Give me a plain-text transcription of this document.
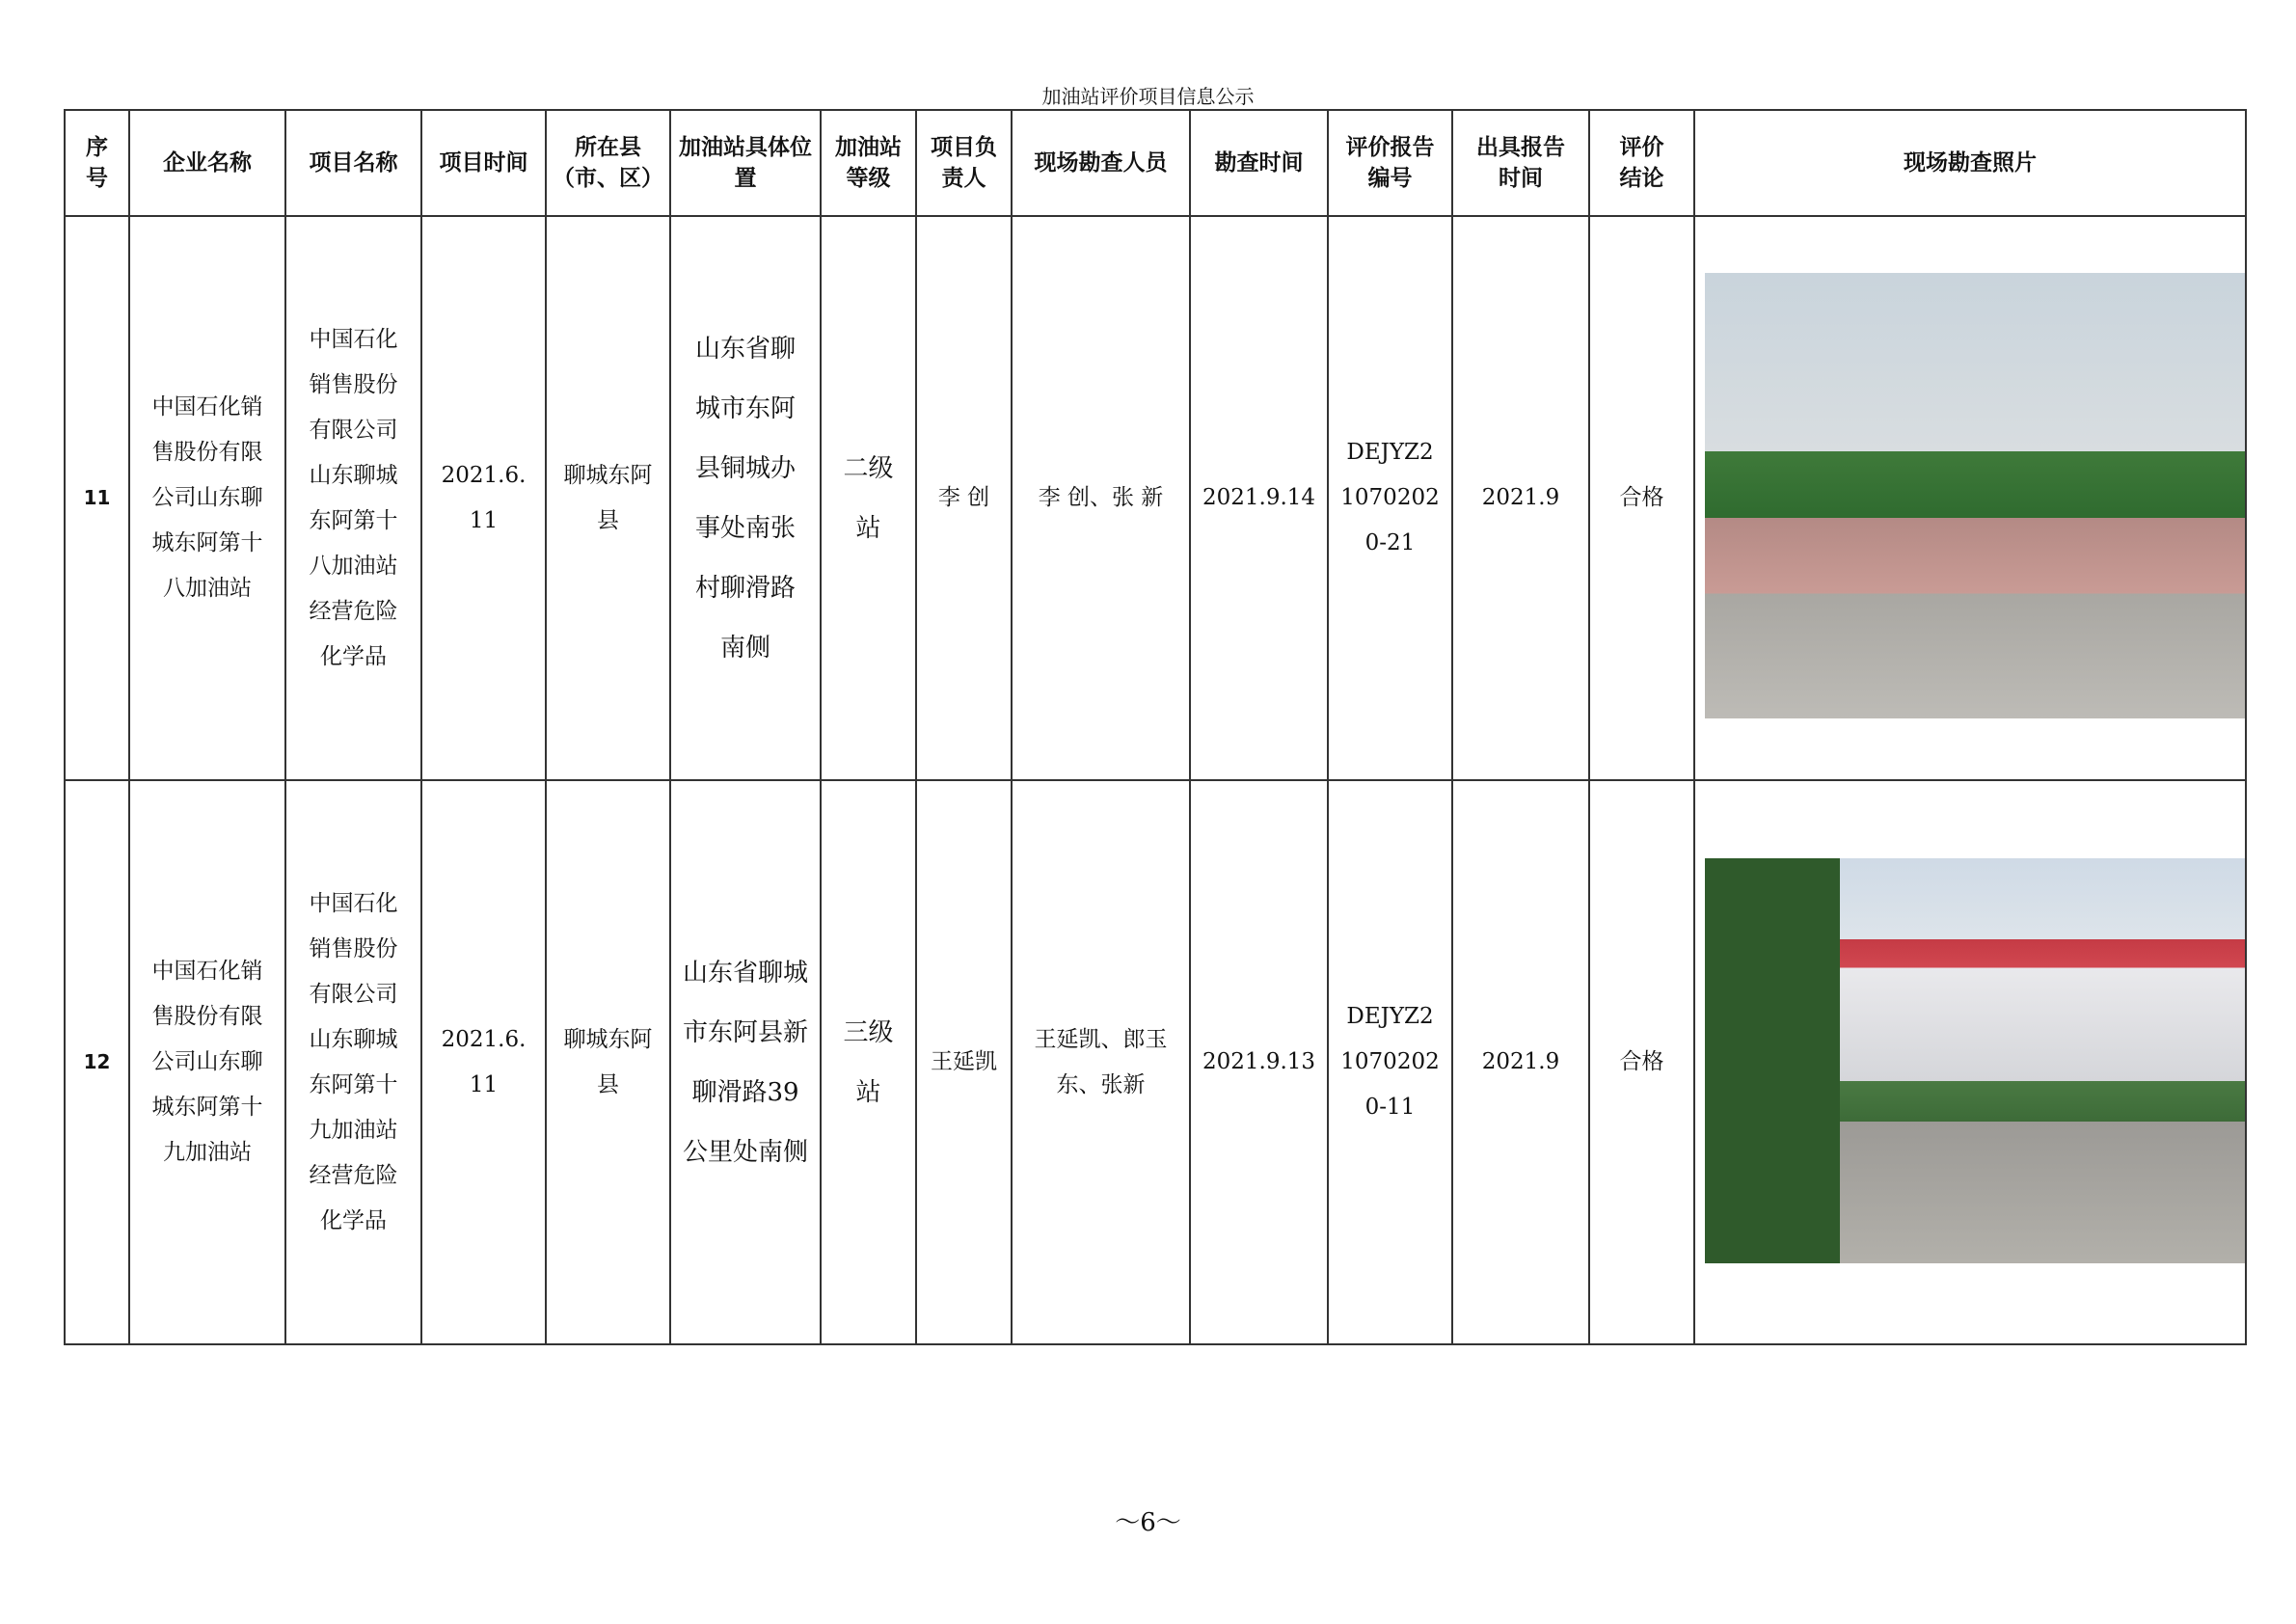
加油站评价项目信息公示
序号	企业名称	项目名称	项目时间	所在县（市、区）	加油站具体位置	加油站等级	项目负责人	现场勘查人员	勘查时间	评价报告编号	出具报告时间	评价结论	现场勘查照片
11	中国石化销售股份有限公司山东聊城东阿第十八加油站	中国石化销售股份有限公司山东聊城东阿第十八加油站经营危险化学品	2021.6.11	聊城东阿县	山东省聊城市东阿县铜城办事处南张村聊滑路南侧	二级站	李 创	李 创、张 新	2021.9.14	DEJYZ210702020-21	2021.9	合格	

12	中国石化销售股份有限公司山东聊城东阿第十九加油站	中国石化销售股份有限公司山东聊城东阿第十九加油站经营危险化学品	2021.6.11	聊城东阿县	山东省聊城市东阿县新聊滑路39公里处南侧	三级站	王延凯	王延凯、郎玉东、张新	2021.9.13	DEJYZ210702020-11	2021.9	合格	
～6～
